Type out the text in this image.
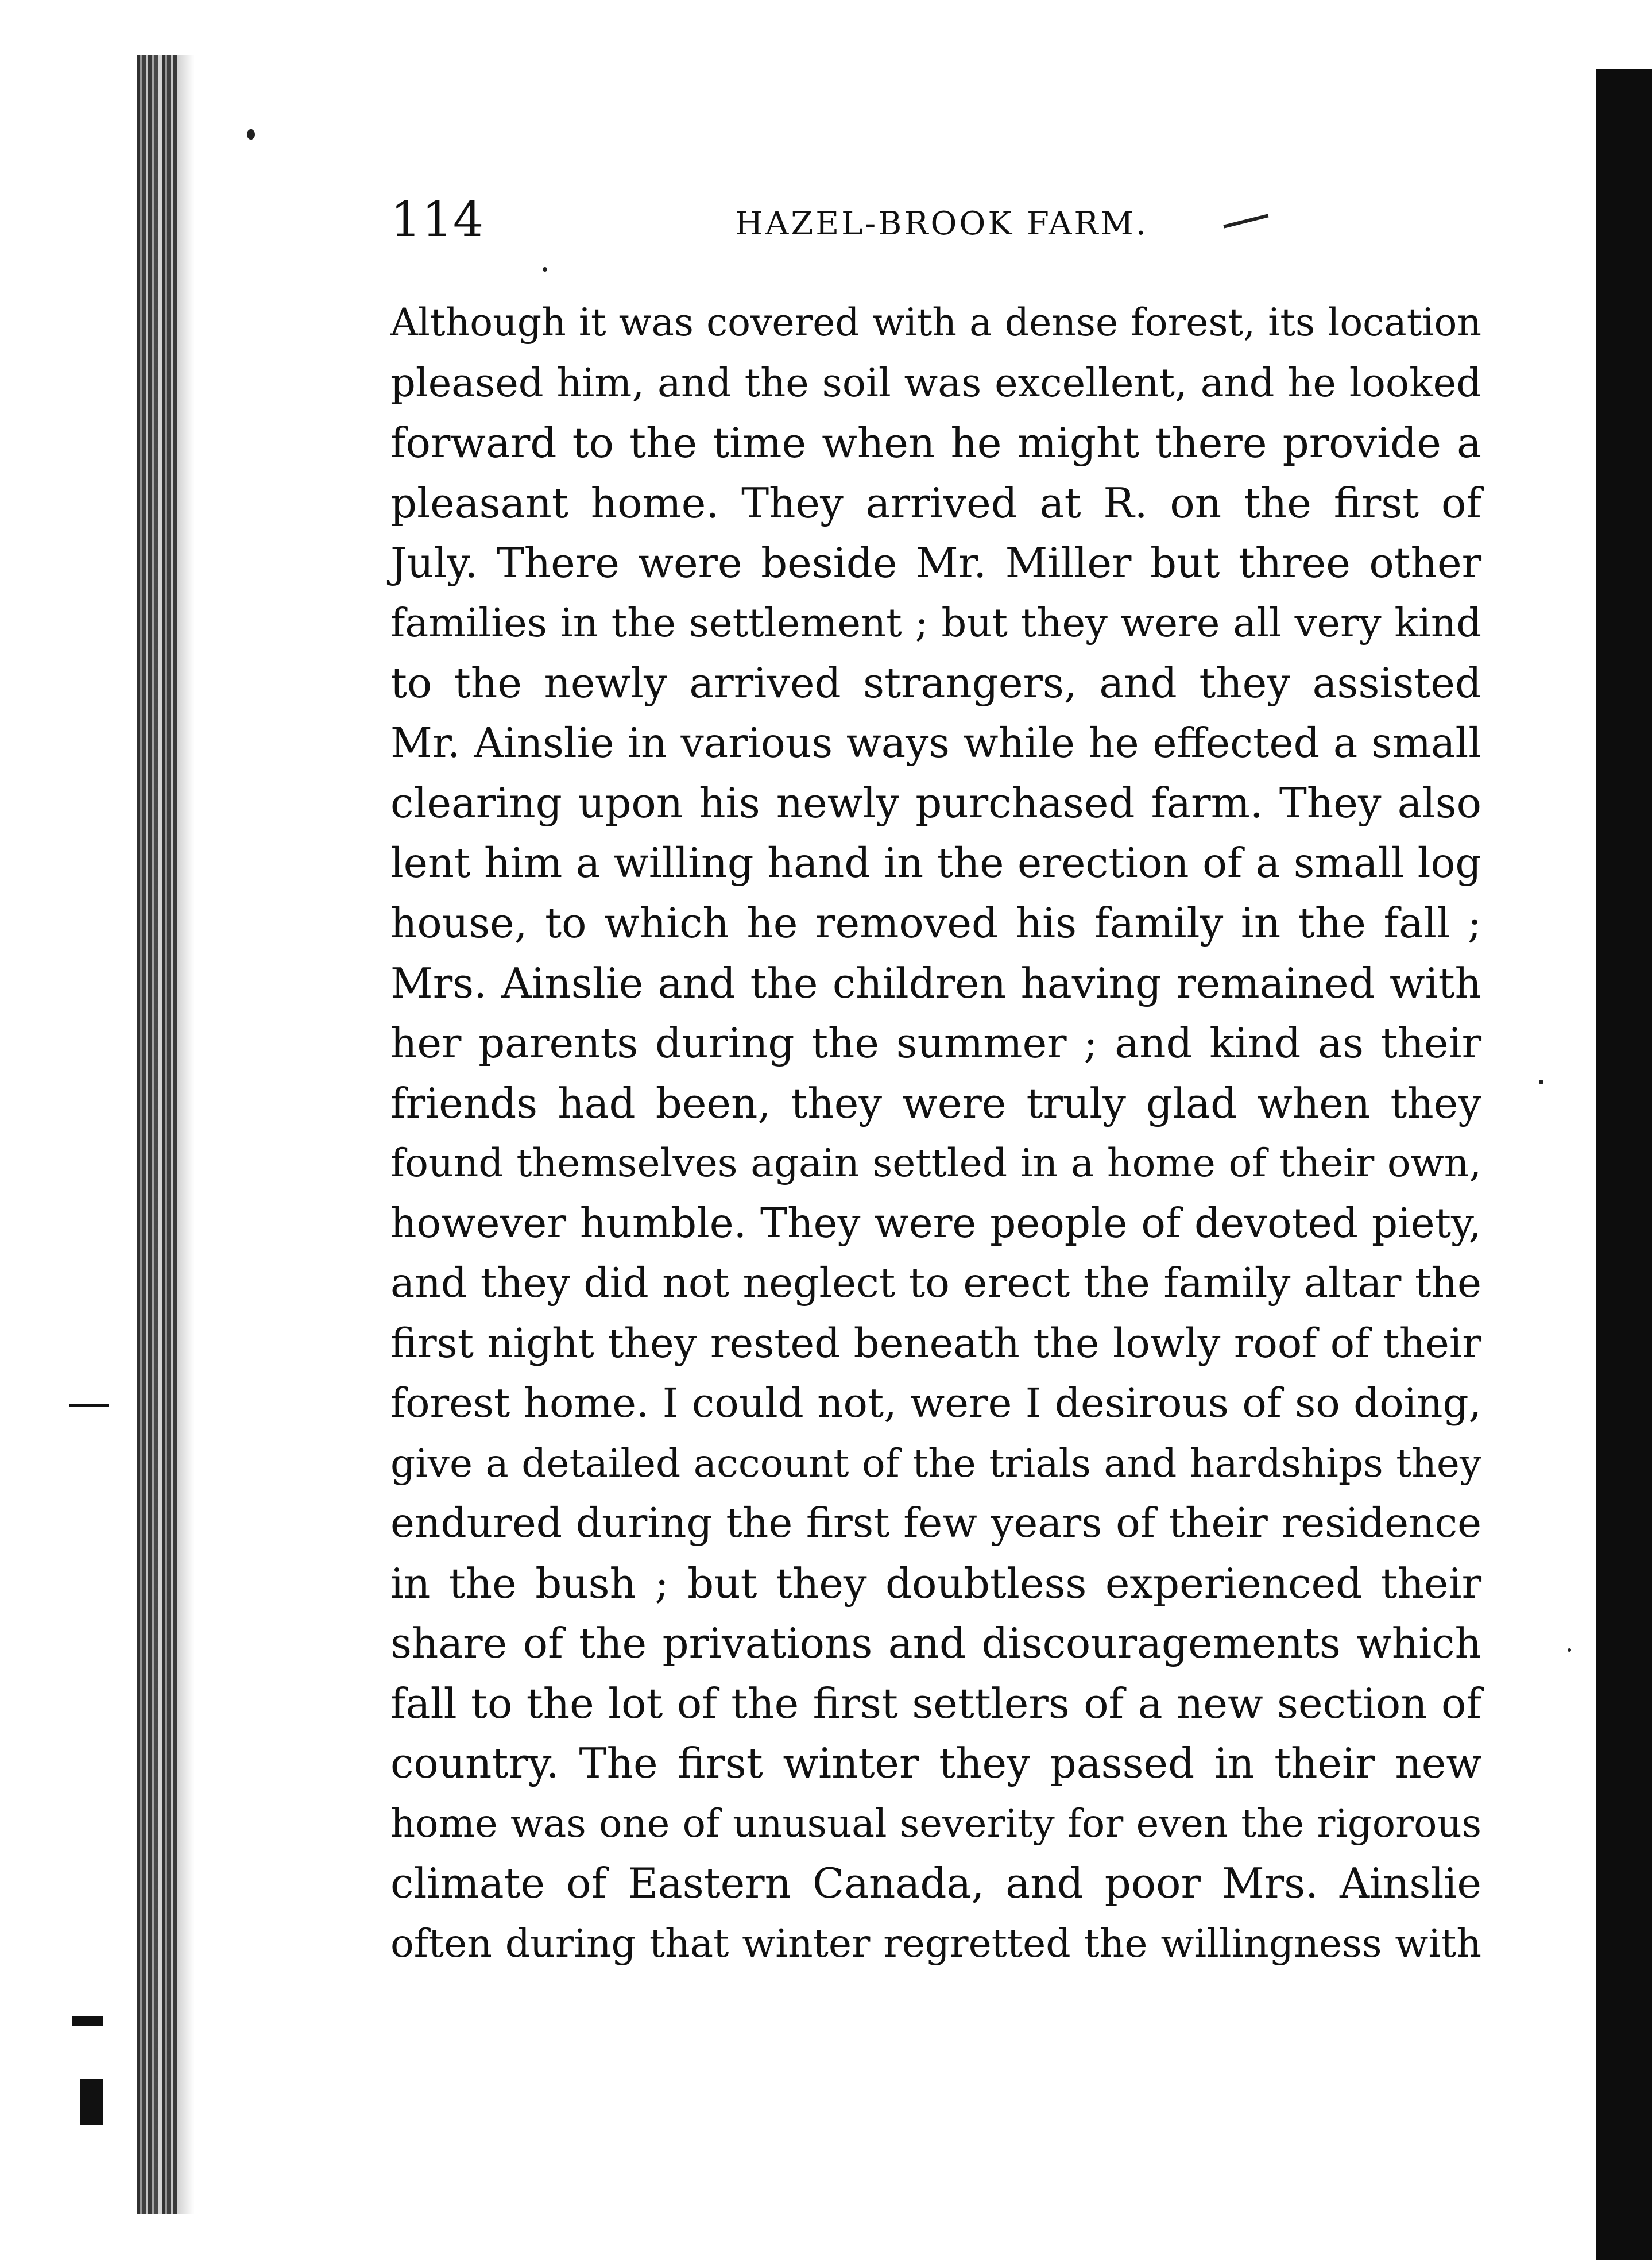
114	HAZEL-BROOK FARM.
Although it was covered with a dense forest, its location
pleased him, and the soil was excellent, and he looked
forward to the time when he might there provide a
pleasant home. They arrived at R. on the first of
July. There were beside Mr. Miller but three other
families in the settlement ; but they were all very kind
to the newly arrived strangers, and they assisted
Mr. Ainslie in various ways while he effected a small
clearing upon his newly purchased farm. They also
lent him a willing hand in the erection of a small log
house, to which he removed his family in the fall ;
Mrs. Ainslie and the children having remained with
her parents during the summer ; and kind as their
friends had been, they were truly glad when they
found themselves again settled in a home of their own,
however humble. They were people of devoted piety,
and they did not neglect to erect the family altar the
first night they rested beneath the lowly roof of their
forest home. I could not, were I desirous of so doing,
give a detailed account of the trials and hardships they
endured during the first few years of their residence
in the bush ; but they doubtless experienced their
share of the privations and discouragements which
fall to the lot of the first settlers of a new section of
country. The first winter they passed in their new
home was one of unusual severity for even the rigorous
climate of Eastern Canada, and poor Mrs. Ainslie
often during that winter regretted the willingness with
